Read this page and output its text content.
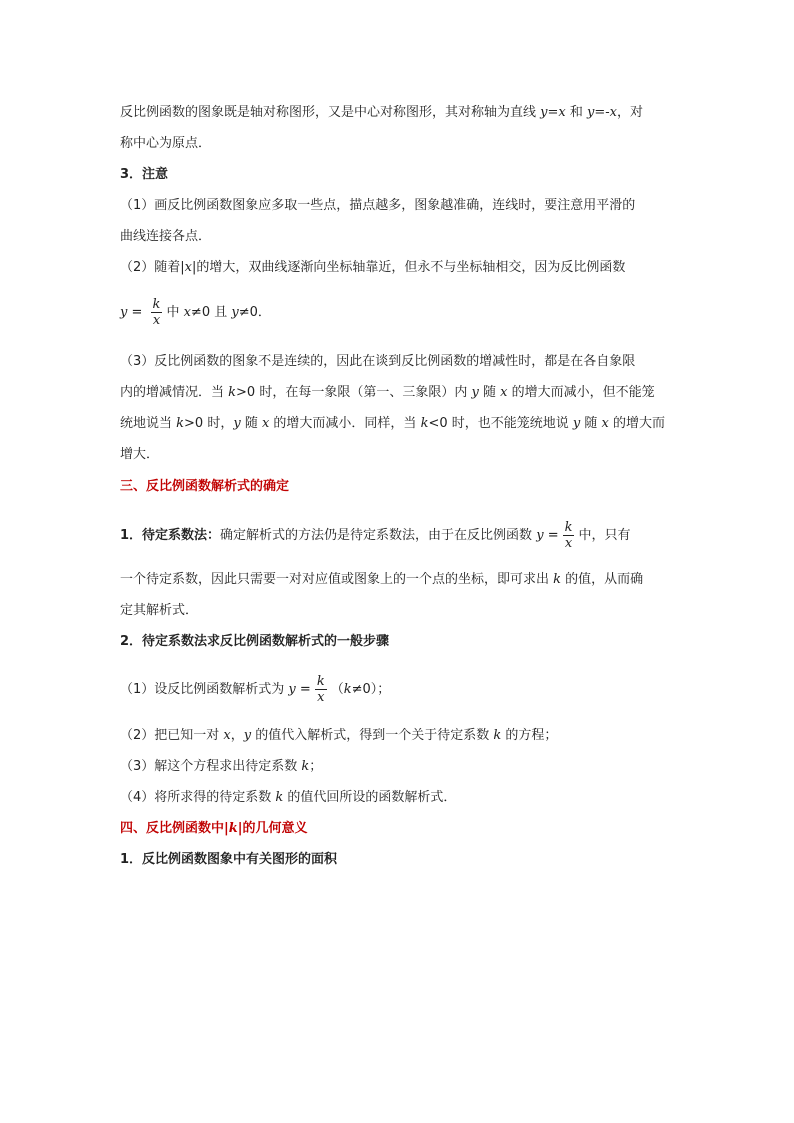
反比例函数的图象既是轴对称图形，又是中心对称图形，其对称轴为直线 y=x 和 y=-x，对
称中心为原点．
3．注意
（1）画反比例函数图象应多取一些点，描点越多，图象越准确，连线时，要注意用平滑的
曲线连接各点．
（2）随着|x|的增大，双曲线逐渐向坐标轴靠近，但永不与坐标轴相交，因为反比例函数
$y = \frac{k}{x}$ 中 x≠0 且 y≠0．
（3）反比例函数的图象不是连续的，因此在谈到反比例函数的增减性时，都是在各自象限
内的增减情况．当 k>0 时，在每一象限（第一、三象限）内 y 随 x 的增大而减小，但不能笼
统地说当 k>0 时，y 随 x 的增大而减小．同样，当 k<0 时，也不能笼统地说 y 随 x 的增大而
增大．
三、反比例函数解析式的确定
1．待定系数法：确定解析式的方法仍是待定系数法，由于在反比例函数 $y = \frac{k}{x}$ 中，只有
一个待定系数，因此只需要一对对应值或图象上的一个点的坐标，即可求出 k 的值，从而确
定其解析式．
2．待定系数法求反比例函数解析式的一般步骤
（1）设反比例函数解析式为 $y = \frac{k}{x} (k\ne 0)$；
（2）把已知一对 x，y 的值代入解析式，得到一个关于待定系数 k 的方程；
（3）解这个方程求出待定系数 k；
（4）将所求得的待定系数 k 的值代回所设的函数解析式．
四、反比例函数中|k|的几何意义
1．反比例函数图象中有关图形的面积
